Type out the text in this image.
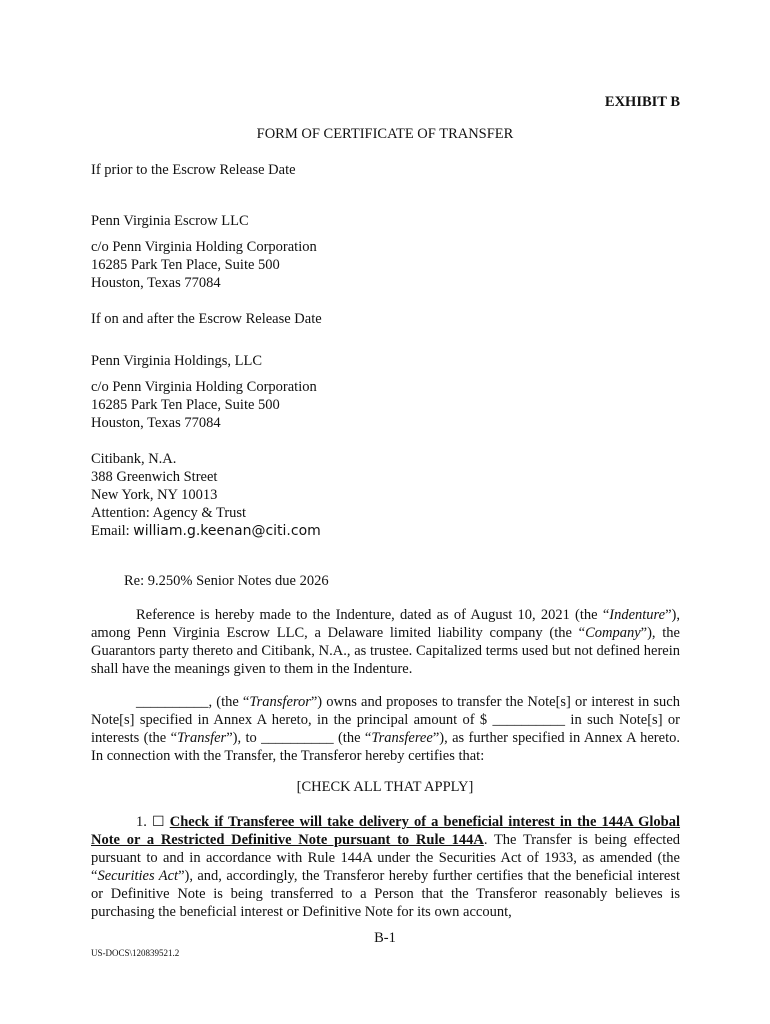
EXHIBIT B
FORM OF CERTIFICATE OF TRANSFER
If prior to the Escrow Release Date
Penn Virginia Escrow LLC
c/o Penn Virginia Holding Corporation
16285 Park Ten Place, Suite 500
Houston, Texas 77084
If on and after the Escrow Release Date
Penn Virginia Holdings, LLC
c/o Penn Virginia Holding Corporation
16285 Park Ten Place, Suite 500
Houston, Texas 77084
Citibank, N.A.
388 Greenwich Street
New York, NY 10013
Attention: Agency & Trust
Email: william.g.keenan@citi.com
Re: 9.250% Senior Notes due 2026
Reference is hereby made to the Indenture, dated as of August 10, 2021 (the “Indenture”), among Penn Virginia Escrow LLC, a Delaware limited liability company (the “Company”), the Guarantors party thereto and Citibank, N.A., as trustee. Capitalized terms used but not defined herein shall have the meanings given to them in the Indenture.
__________, (the “Transferor”) owns and proposes to transfer the Note[s] or interest in such Note[s] specified in Annex A hereto, in the principal amount of $ __________ in such Note[s] or interests (the “Transfer”), to __________ (the “Transferee”), as further specified in Annex A hereto. In connection with the Transfer, the Transferor hereby certifies that:
[CHECK ALL THAT APPLY]
1. ☐ Check if Transferee will take delivery of a beneficial interest in the 144A Global Note or a Restricted Definitive Note pursuant to Rule 144A. The Transfer is being effected pursuant to and in accordance with Rule 144A under the Securities Act of 1933, as amended (the “Securities Act”), and, accordingly, the Transferor hereby further certifies that the beneficial interest or Definitive Note is being transferred to a Person that the Transferor reasonably believes is purchasing the beneficial interest or Definitive Note for its own account,
B-1
US-DOCS\120839521.2
